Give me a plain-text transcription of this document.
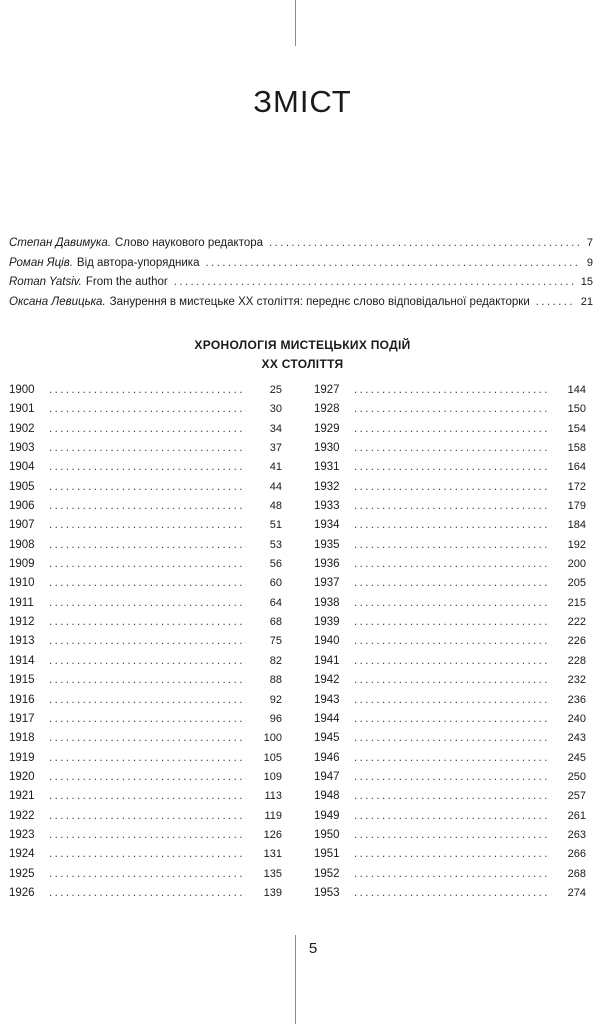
ЗМІСТ
Степан Давимука. Слово наукового редактора .....	7
Роман Яців. Від автора-упорядника .....	9
Roman Yatsiv. From the author .....	15
Оксана Левицька. Занурення в мистецьке ХХ століття: переднє слово відповідальної редакторки .....	21
ХРОНОЛОГІЯ МИСТЕЦЬКИХ ПОДІЙ
ХХ СТОЛІТТЯ
1900 .....	25
1901 .....	30
1902 .....	34
1903 .....	37
1904 .....	41
1905 .....	44
1906 .....	48
1907 .....	51
1908 .....	53
1909 .....	56
1910 .....	60
1911 .....	64
1912 .....	68
1913 .....	75
1914 .....	82
1915 .....	88
1916 .....	92
1917 .....	96
1918 .....	100
1919 .....	105
1920 .....	109
1921 .....	113
1922 .....	119
1923 .....	126
1924 .....	131
1925 .....	135
1926 .....	139
1927 .....	144
1928 .....	150
1929 .....	154
1930 .....	158
1931 .....	164
1932 .....	172
1933 .....	179
1934 .....	184
1935 .....	192
1936 .....	200
1937 .....	205
1938 .....	215
1939 .....	222
1940 .....	226
1941 .....	228
1942 .....	232
1943 .....	236
1944 .....	240
1945 .....	243
1946 .....	245
1947 .....	250
1948 .....	257
1949 .....	261
1950 .....	263
1951 .....	266
1952 .....	268
1953 .....	274
5
